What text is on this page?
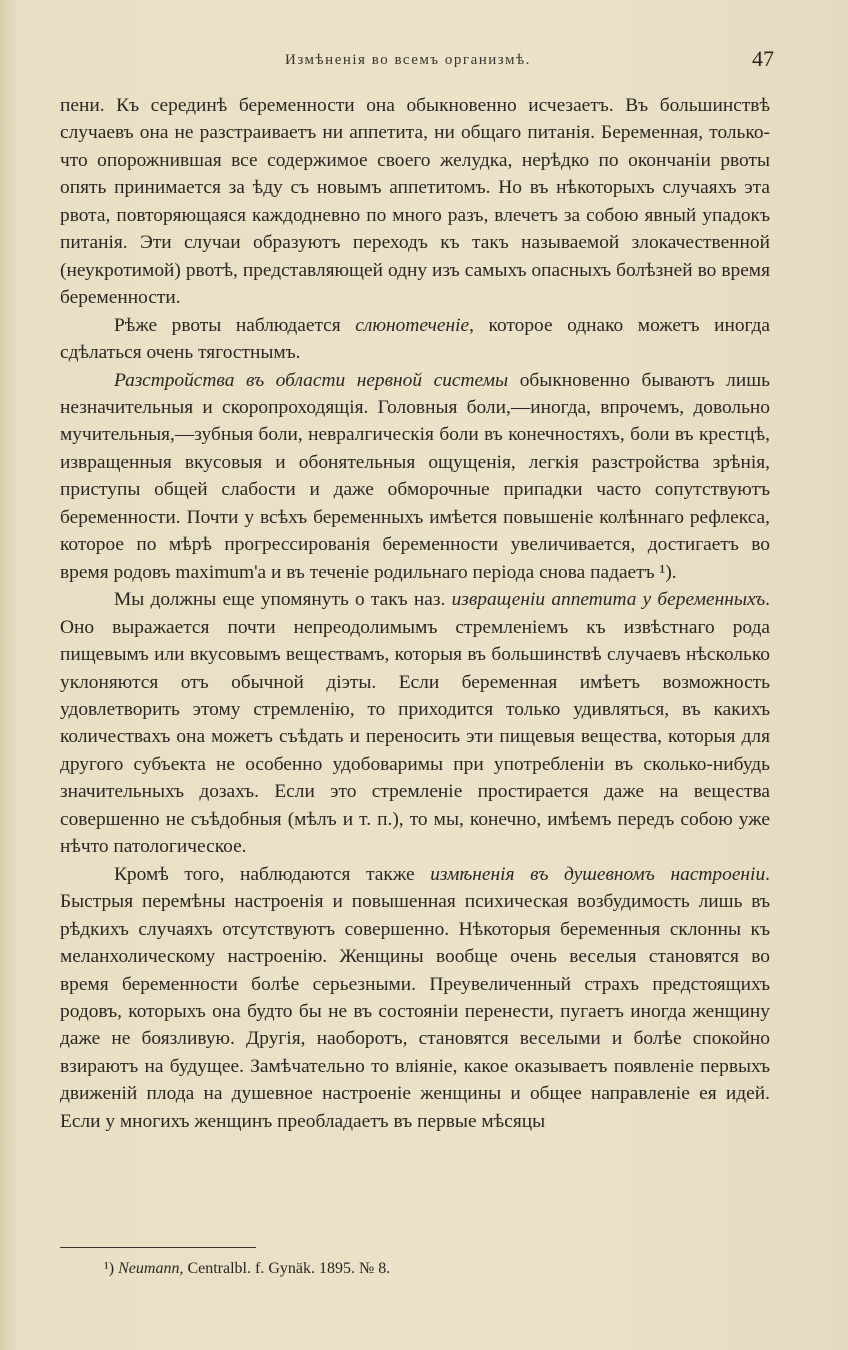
Измѣненія во всемъ организмѣ.	47

пени. Къ серединѣ беременности она обыкновенно исчезаетъ. Въ большинствѣ случаевъ она не разстраиваетъ ни аппетита, ни общаго питанія. Беременная, только-что опорожнившая все содержимое своего желудка, нерѣдко по окончаніи рвоты опять принимается за ѣду съ новымъ аппетитомъ. Но въ нѣкоторыхъ случаяхъ эта рвота, повторяющаяся каждодневно по много разъ, влечетъ за собою явный упадокъ питанія. Эти случаи образуютъ переходъ къ такъ называемой злокачественной (неукротимой) рвотѣ, представляющей одну изъ самыхъ опасныхъ болѣзней во время беременности.

Рѣже рвоты наблюдается слюнотеченіе, которое однако можетъ иногда сдѣлаться очень тягостнымъ.

Разстройства въ области нервной системы обыкновенно бываютъ лишь незначительныя и скоропроходящія. Головныя боли,—иногда, впрочемъ, довольно мучительныя,—зубныя боли, невралгическія боли въ конечностяхъ, боли въ крестцѣ, извращенныя вкусовыя и обонятельныя ощущенія, легкія разстройства зрѣнія, приступы общей слабости и даже обморочные припадки часто сопутствуютъ беременности. Почти у всѣхъ беременныхъ имѣется повышеніе колѣннаго рефлекса, которое по мѣрѣ прогрессированія беременности увеличивается, достигаетъ во время родовъ maximum'а и въ теченіе родильнаго періода снова падаетъ ¹).

Мы должны еще упомянуть о такъ наз. извращеніи аппетита у беременныхъ. Оно выражается почти непреодолимымъ стремленіемъ къ извѣстнаго рода пищевымъ или вкусовымъ веществамъ, которыя въ большинствѣ случаевъ нѣсколько уклоняются отъ обычной діэты. Если беременная имѣетъ возможность удовлетворить этому стремленію, то приходится только удивляться, въ какихъ количествахъ она можетъ съѣдать и переносить эти пищевыя вещества, которыя для другого субъекта не особенно удобоваримы при употребленіи въ сколько-нибудь значительныхъ дозахъ. Если это стремленіе простирается даже на вещества совершенно не съѣдобныя (мѣлъ и т. п.), то мы, конечно, имѣемъ передъ собою уже нѣчто патологическое.

Кромѣ того, наблюдаются также измѣненія въ душевномъ настроеніи. Быстрыя перемѣны настроенія и повышенная психическая возбудимость лишь въ рѣдкихъ случаяхъ отсутствуютъ совершенно. Нѣкоторыя беременныя склонны къ меланхолическому настроенію. Женщины вообще очень веселыя становятся во время беременности болѣе серьезными. Преувеличенный страхъ предстоящихъ родовъ, которыхъ она будто бы не въ состояніи перенести, пугаетъ иногда женщину даже не боязливую. Другія, наоборотъ, становятся веселыми и болѣе спокойно взираютъ на будущее. Замѣчательно то вліяніе, какое оказываетъ появленіе первыхъ движеній плода на душевное настроеніе женщины и общее направленіе ея идей. Если у многихъ женщинъ преобладаетъ въ первые мѣсяцы

¹) Neumann, Centralbl. f. Gynäk. 1895. № 8.
